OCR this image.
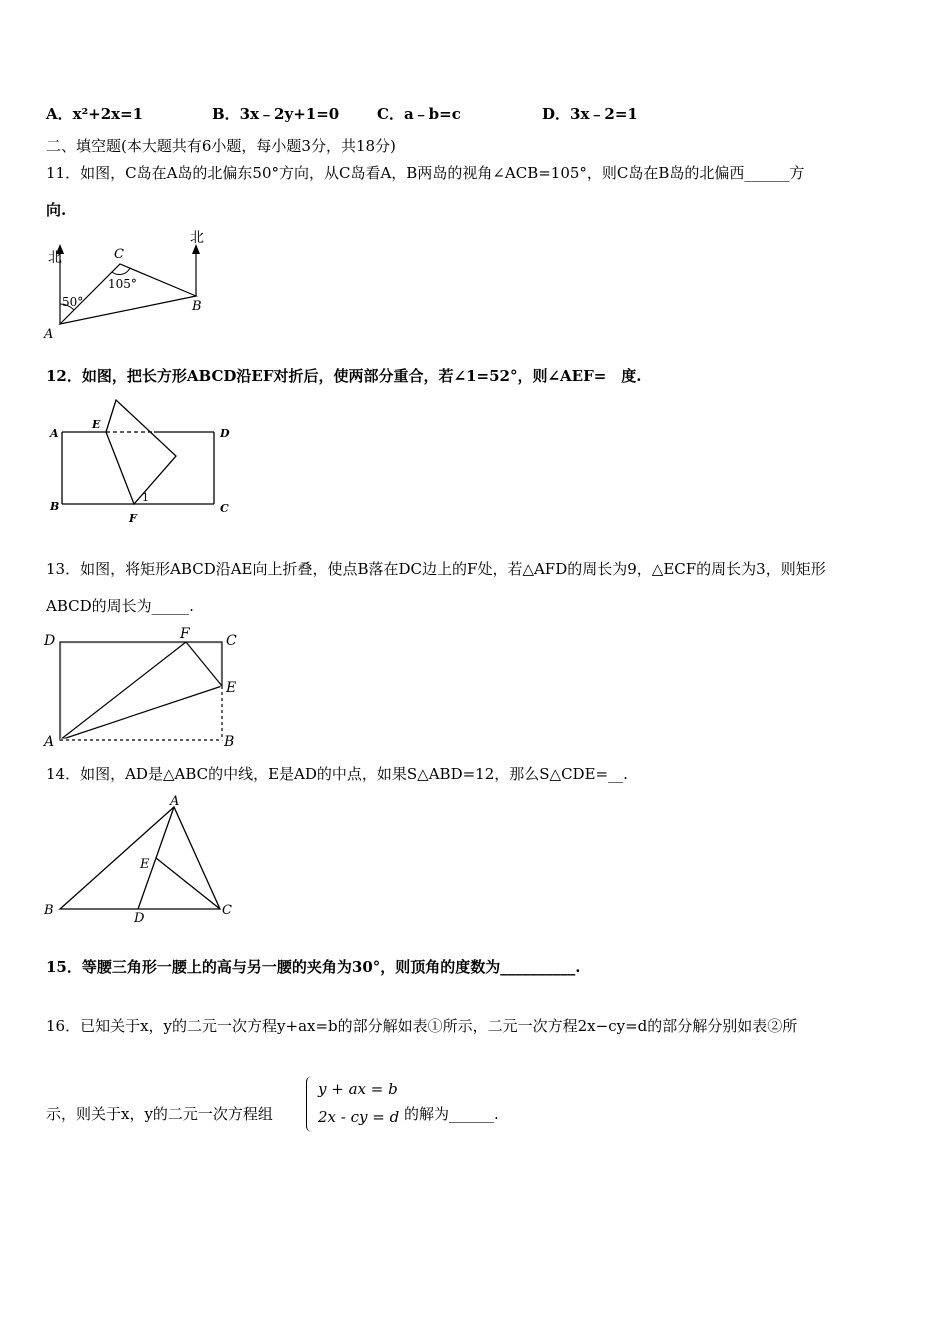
A．x²+2x=1	B．3x﹣2y+1=0	C．a﹣b=c	D．3x﹣2=1
二、填空题(本大题共有6小题，每小题3分，共18分)
11．如图，C岛在A岛的北偏东50°方向，从C岛看A，B两岛的视角∠ACB=105°，则C岛在B岛的北偏西______方
向.
北
北
C
105°
50°
A
B
12．如图，把长方形ABCD沿EF对折后，使两部分重合，若∠1=52°，则∠AEF=　度.
A
E
D
B
F
C
1
13．如图，将矩形ABCD沿AE向上折叠，使点B落在DC边上的F处，若△AFD的周长为9，△ECF的周长为3，则矩形
ABCD的周长为_____.
D	F	C
E
A	B
14．如图，AD是△ABC的中线，E是AD的中点，如果S△ABD=12，那么S△CDE=__.
A
E
B
D
C
15．等腰三角形一腰上的高与另一腰的夹角为30°，则顶角的度数为__________.
16．已知关于x，y的二元一次方程y+ax=b的部分解如表①所示，二元一次方程2x−cy=d的部分解分别如表②所
示，则关于x，y的二元一次方程组
y + ax = b
2x - cy = d 的解为______.
